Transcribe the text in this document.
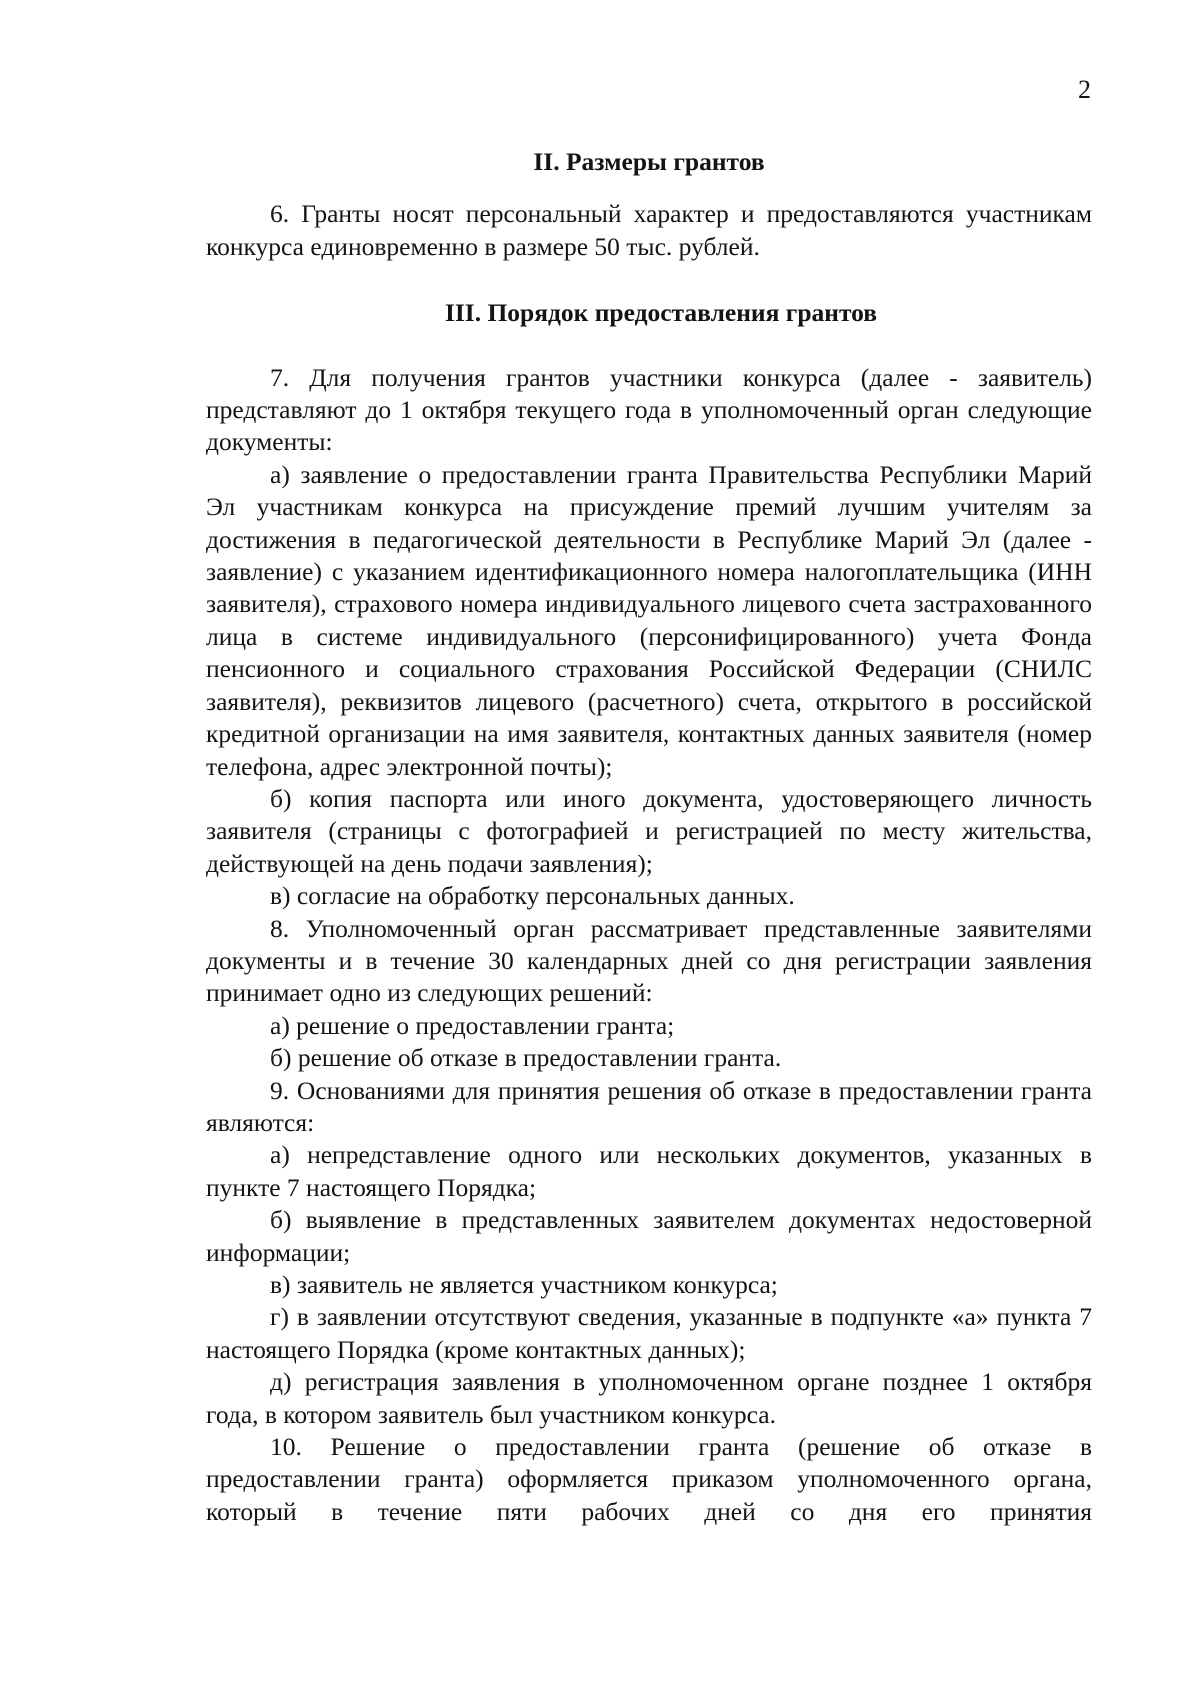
2

II. Размеры грантов

6. Гранты носят персональный характер и предоставляются участникам конкурса единовременно в размере 50 тыс. рублей.

III. Порядок предоставления грантов

7. Для получения грантов участники конкурса (далее - заявитель) представляют до 1 октября текущего года в уполномоченный орган следующие документы:

а) заявление о предоставлении гранта Правительства Республики Марий Эл участникам конкурса на присуждение премий лучшим учителям за достижения в педагогической деятельности в Республике Марий Эл (далее - заявление) с указанием идентификационного номера налогоплательщика (ИНН заявителя), страхового номера индивидуального лицевого счета застрахованного лица в системе индивидуального (персонифицированного) учета Фонда пенсионного и социального страхования Российской Федерации (СНИЛС заявителя), реквизитов лицевого (расчетного) счета, открытого в российской кредитной организации на имя заявителя, контактных данных заявителя (номер телефона, адрес электронной почты);

б) копия паспорта или иного документа, удостоверяющего личность заявителя (страницы с фотографией и регистрацией по месту жительства, действующей на день подачи заявления);

в) согласие на обработку персональных данных.

8. Уполномоченный орган рассматривает представленные заявителями документы и в течение 30 календарных дней со дня регистрации заявления принимает одно из следующих решений:

а) решение о предоставлении гранта;

б) решение об отказе в предоставлении гранта.

9. Основаниями для принятия решения об отказе в предоставлении гранта являются:

а) непредставление одного или нескольких документов, указанных в пункте 7 настоящего Порядка;

б) выявление в представленных заявителем документах недостоверной информации;

в) заявитель не является участником конкурса;

г) в заявлении отсутствуют сведения, указанные в подпункте «а» пункта 7 настоящего Порядка (кроме контактных данных);

д) регистрация заявления в уполномоченном органе позднее 1 октября года, в котором заявитель был участником конкурса.

10. Решение о предоставлении гранта (решение об отказе в предоставлении гранта) оформляется приказом уполномоченного органа, который в течение пяти рабочих дней со дня его принятия
